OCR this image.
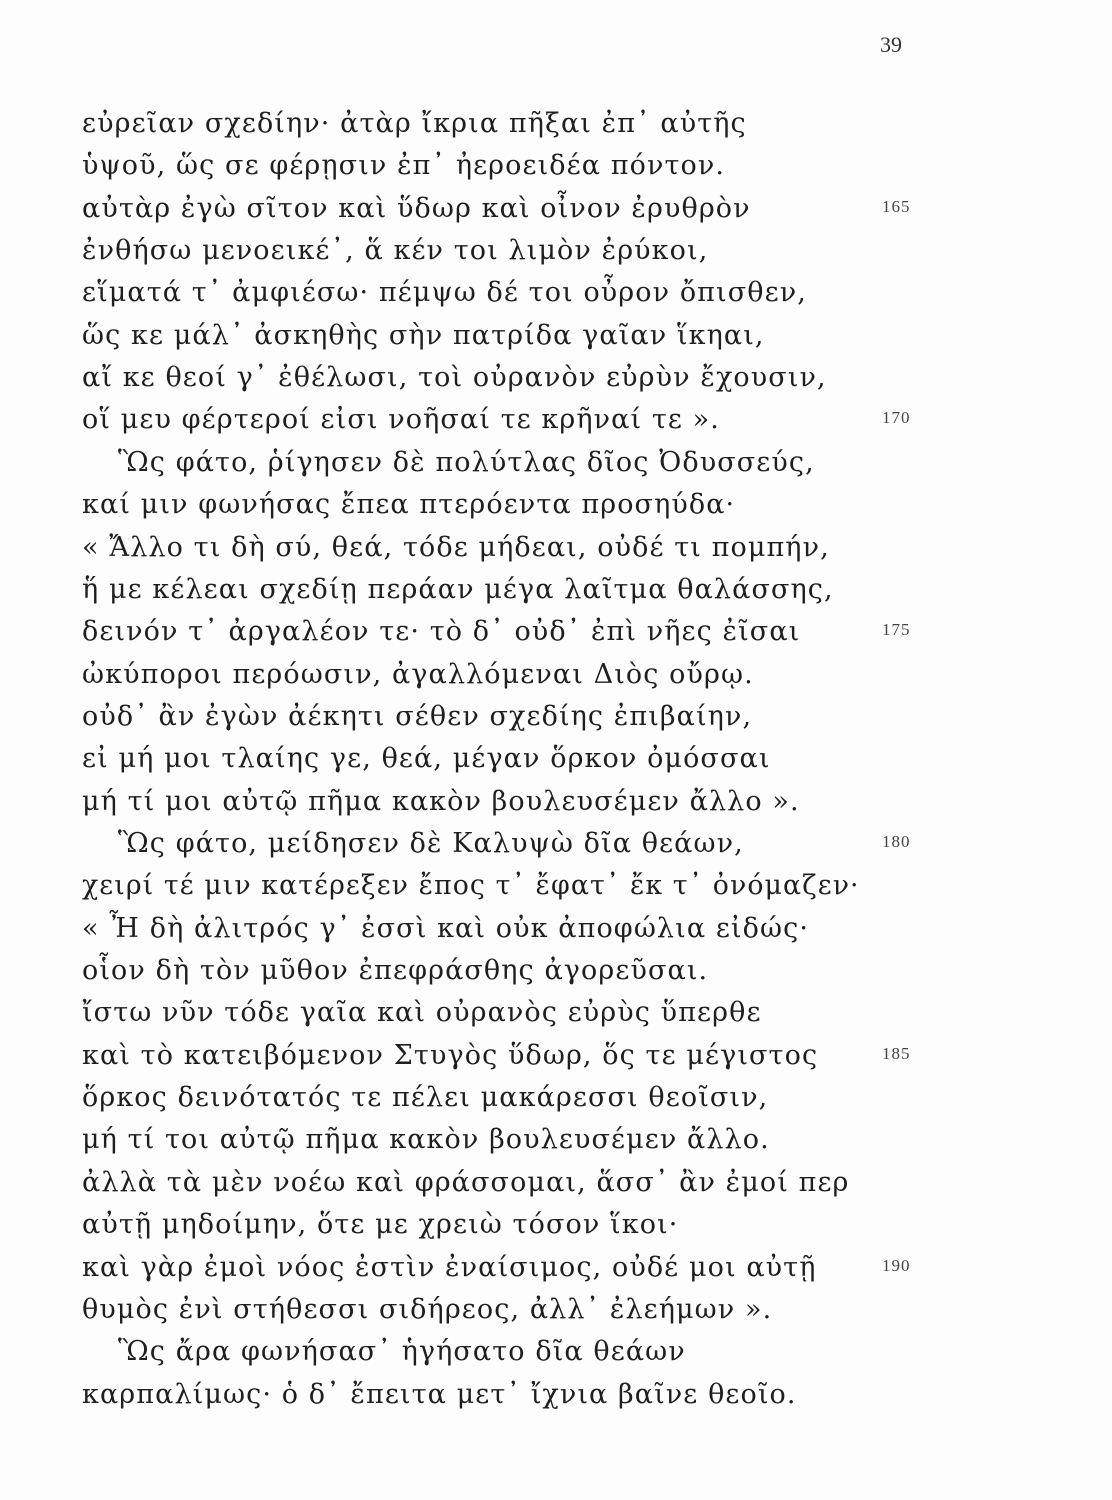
39
εὐρεῖαν σχεδίην· ἀτὰρ ἴκρια πῆξαι ἐπ᾽ αὐτῆς
ὑψοῦ, ὥς σε φέρῃσιν ἐπ᾽ ἠεροειδέα πόντον.
αὐτὰρ ἐγὼ σῖτον καὶ ὕδωρ καὶ οἶνον ἐρυθρὸν	165
ἐνθήσω μενοεικέ᾽, ἅ κέν τοι λιμὸν ἐρύκοι,
εἵματά τ᾽ ἀμφιέσω· πέμψω δέ τοι οὖρον ὄπισθεν,
ὥς κε μάλ᾽ ἀσκηθὴς σὴν πατρίδα γαῖαν ἵκηαι,
αἴ κε θεοί γ᾽ ἐθέλωσι, τοὶ οὐρανὸν εὐρὺν ἔχουσιν,
οἵ μευ φέρτεροί εἰσι νοῆσαί τε κρῆναί τε ».	170
Ὣς φάτο, ῥίγησεν δὲ πολύτλας δῖος Ὀδυσσεύς,
καί μιν φωνήσας ἔπεα πτερόεντα προσηύδα·
« Ἄλλο τι δὴ σύ, θεά, τόδε μήδεαι, οὐδέ τι πομπήν,
ἥ με κέλεαι σχεδίῃ περάαν μέγα λαῖτμα θαλάσσης,
δεινόν τ᾽ ἀργαλέον τε· τὸ δ᾽ οὐδ᾽ ἐπὶ νῆες ἐῖσαι	175
ὠκύποροι περόωσιν, ἀγαλλόμεναι Διὸς οὔρῳ.
οὐδ᾽ ἂν ἐγὼν ἀέκητι σέθεν σχεδίης ἐπιβαίην,
εἰ μή μοι τλαίης γε, θεά, μέγαν ὅρκον ὀμόσσαι
μή τί μοι αὐτῷ πῆμα κακὸν βουλευσέμεν ἄλλο ».
Ὣς φάτο, μείδησεν δὲ Καλυψὼ δῖα θεάων,	180
χειρί τέ μιν κατέρεξεν ἔπος τ᾽ ἔφατ᾽ ἔκ τ᾽ ὀνόμαζεν·
« Ἦ δὴ ἀλιτρός γ᾽ ἐσσὶ καὶ οὐκ ἀποφώλια εἰδώς·
οἷον δὴ τὸν μῦθον ἐπεφράσθης ἀγορεῦσαι.
ἴστω νῦν τόδε γαῖα καὶ οὐρανὸς εὐρὺς ὕπερθε
καὶ τὸ κατειβόμενον Στυγὸς ὕδωρ, ὅς τε μέγιστος	185
ὅρκος δεινότατός τε πέλει μακάρεσσι θεοῖσιν,
μή τί τοι αὐτῷ πῆμα κακὸν βουλευσέμεν ἄλλο.
ἀλλὰ τὰ μὲν νοέω καὶ φράσσομαι, ἅσσ᾽ ἂν ἐμοί περ
αὐτῇ μηδοίμην, ὅτε με χρειὼ τόσον ἵκοι·
καὶ γὰρ ἐμοὶ νόος ἐστὶν ἐναίσιμος, οὐδέ μοι αὐτῇ	190
θυμὸς ἐνὶ στήθεσσι σιδήρεος, ἀλλ᾽ ἐλεήμων ».
Ὣς ἄρα φωνήσασ᾽ ἡγήσατο δῖα θεάων
καρπαλίμως· ὁ δ᾽ ἔπειτα μετ᾽ ἴχνια βαῖνε θεοῖο.
